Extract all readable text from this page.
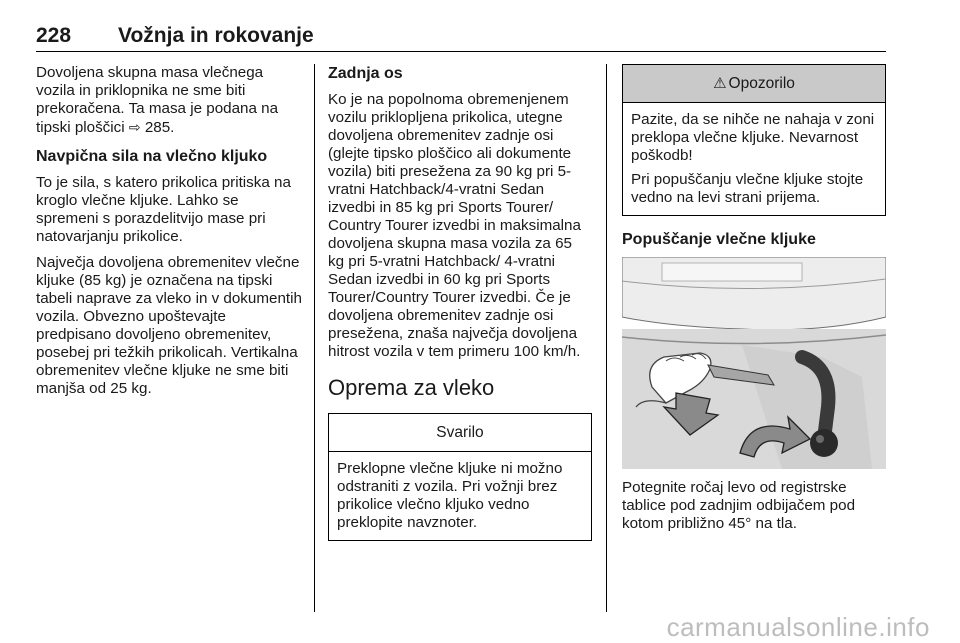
228 Vožnja in rokovanje

Dovoljena skupna masa vlečnega vozila in priklopnika ne sme biti prekoračena. Ta masa je podana na tipski ploščici ⇨ 285.

Navpična sila na vlečno kljuko

To je sila, s katero prikolica pritiska na kroglo vlečne kljuke. Lahko se spremeni s porazdelitvijo mase pri natovarjanju prikolice.

Največja dovoljena obremenitev vlečne kljuke (85 kg) je označena na tipski tabeli naprave za vleko in v dokumentih vozila. Obvezno upoštevajte predpisano dovoljeno obremenitev, posebej pri težkih prikolicah. Vertikalna obremenitev vlečne kljuke ne sme biti manjša od 25 kg.

Zadnja os

Ko je na popolnoma obremenjenem vozilu priklopljena prikolica, utegne dovoljena obremenitev zadnje osi (glejte tipsko ploščico ali dokumente vozila) biti presežena za 90 kg pri 5-vratni Hatchback/4-vratni Sedan izvedbi in 85 kg pri Sports Tourer/ Country Tourer izvedbi in maksimalna dovoljena skupna masa vozila za 65 kg pri 5-vratni Hatchback/ 4-vratni Sedan izvedbi in 60 kg pri Sports Tourer/Country Tourer izvedbi. Če je dovoljena obremenitev zadnje osi presežena, znaša največja dovoljena hitrost vozila v tem primeru 100 km/h.

Oprema za vleko
Svarilo

Preklopne vlečne kljuke ni možno odstraniti z vozila. Pri vožnji brez prikolice vlečno kljuko vedno preklopite navznoter.

⚠ Opozorilo

Pazite, da se nihče ne nahaja v zoni preklopa vlečne kljuke. Nevarnost poškodb!

Pri popuščanju vlečne kljuke stojte vedno na levi strani prijema.

Popuščanje vlečne kljuke

Potegnite ročaj levo od registrske tablice pod zadnjim odbijačem pod kotom približno 45° na tla.

carmanualsonline.info
